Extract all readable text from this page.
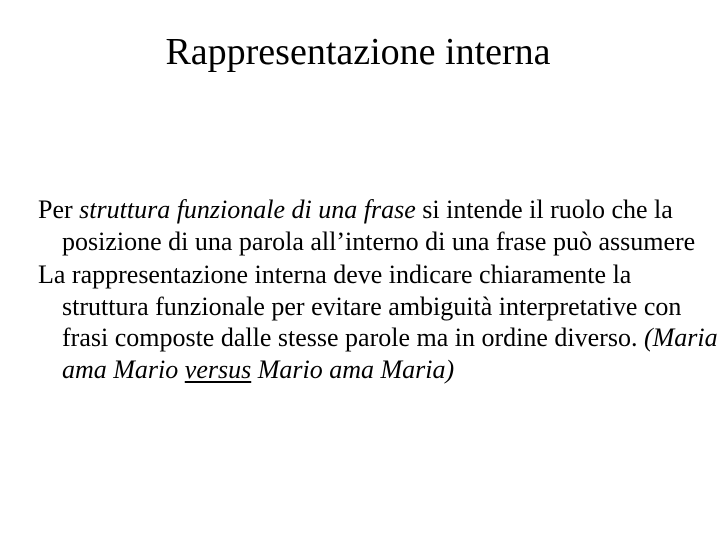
Rappresentazione interna

Per struttura funzionale di una frase si intende il ruolo che la posizione di una parola all’interno di una frase può assumere

La rappresentazione interna deve indicare chiaramente la struttura funzionale per evitare ambiguità interpretative con frasi composte dalle stesse parole ma in ordine diverso. (Maria ama Mario versus Mario ama Maria)
